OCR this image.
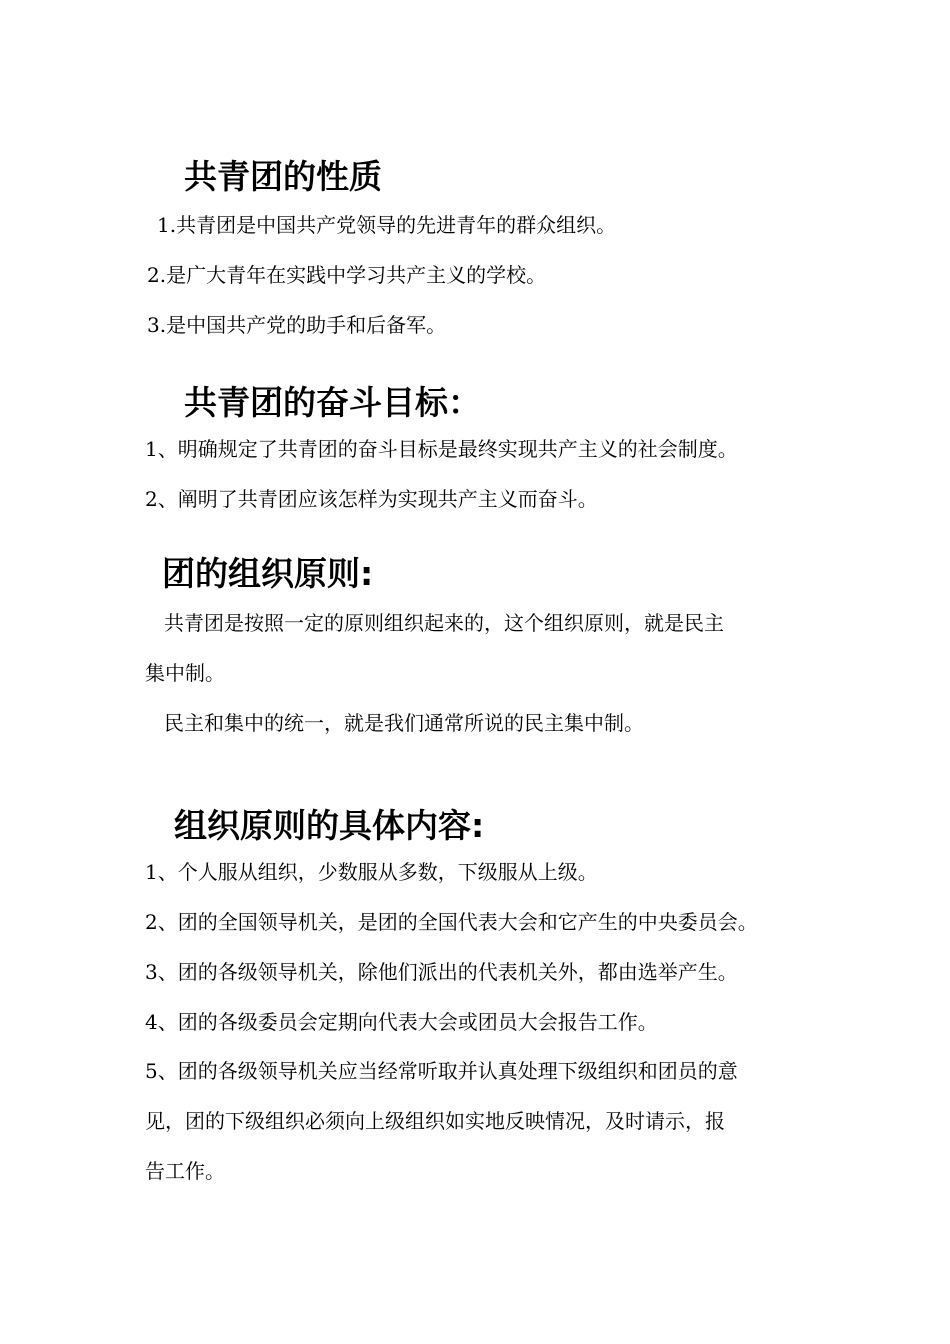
共青团的性质

1.共青团是中国共产党领导的先进青年的群众组织。

2.是广大青年在实践中学习共产主义的学校。

3.是中国共产党的助手和后备军。

共青团的奋斗目标：

1、明确规定了共青团的奋斗目标是最终实现共产主义的社会制度。

2、阐明了共青团应该怎样为实现共产主义而奋斗。

团的组织原则:

共青团是按照一定的原则组织起来的，这个组织原则，就是民主

集中制。

民主和集中的统一，就是我们通常所说的民主集中制。

组织原则的具体内容:

1、个人服从组织，少数服从多数，下级服从上级。

2、团的全国领导机关，是团的全国代表大会和它产生的中央委员会。

3、团的各级领导机关，除他们派出的代表机关外，都由选举产生。

4、团的各级委员会定期向代表大会或团员大会报告工作。

5、团的各级领导机关应当经常听取并认真处理下级组织和团员的意

见，团的下级组织必须向上级组织如实地反映情况，及时请示，报

告工作。
